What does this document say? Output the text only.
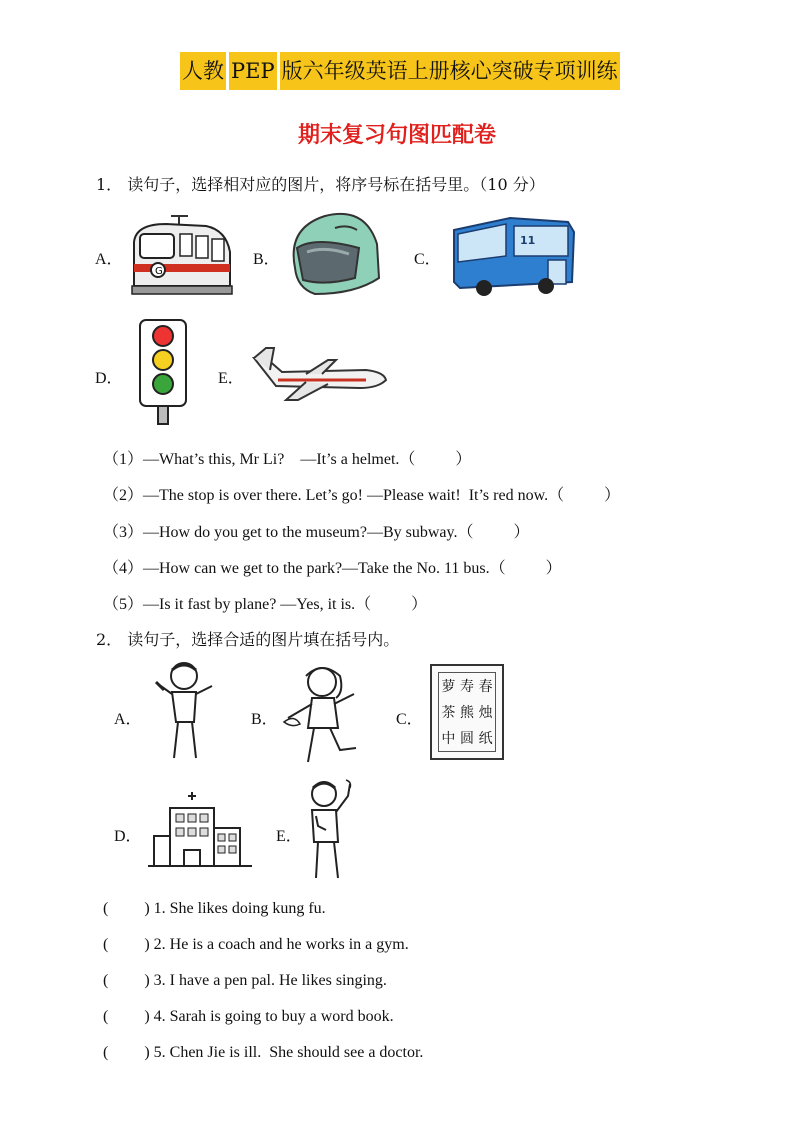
人教 PEP 版六年级英语上册核心突破专项训练
期末复习句图匹配卷
1． 读句子，选择相对应的图片，将序号标在括号里。（10 分）
A．
G
B．	C．
11
D．	E．
（1）—What’s this, Mr Li?    —It’s a helmet.（          ）
（2）—The stop is over there. Let’s go! —Please wait!  It’s red now.（          ）
（3）—How do you get to the museum?—By subway.（          ）
（4）—How can we get to the park?—Take the No. 11 bus.（          ）
（5）—Is it fast by plane? —Yes, it is.（          ）
2． 读句子，选择合适的图片填在括号内。
A．	B．	C．
萝 寿 春
茶 熊 烛
中 圆 纸
D．	E．
(         ) 1. She likes doing kung fu.
(         ) 2. He is a coach and he works in a gym.
(         ) 3. I have a pen pal. He likes singing.
(         ) 4. Sarah is going to buy a word book.
(         ) 5. Chen Jie is ill.  She should see a doctor.
